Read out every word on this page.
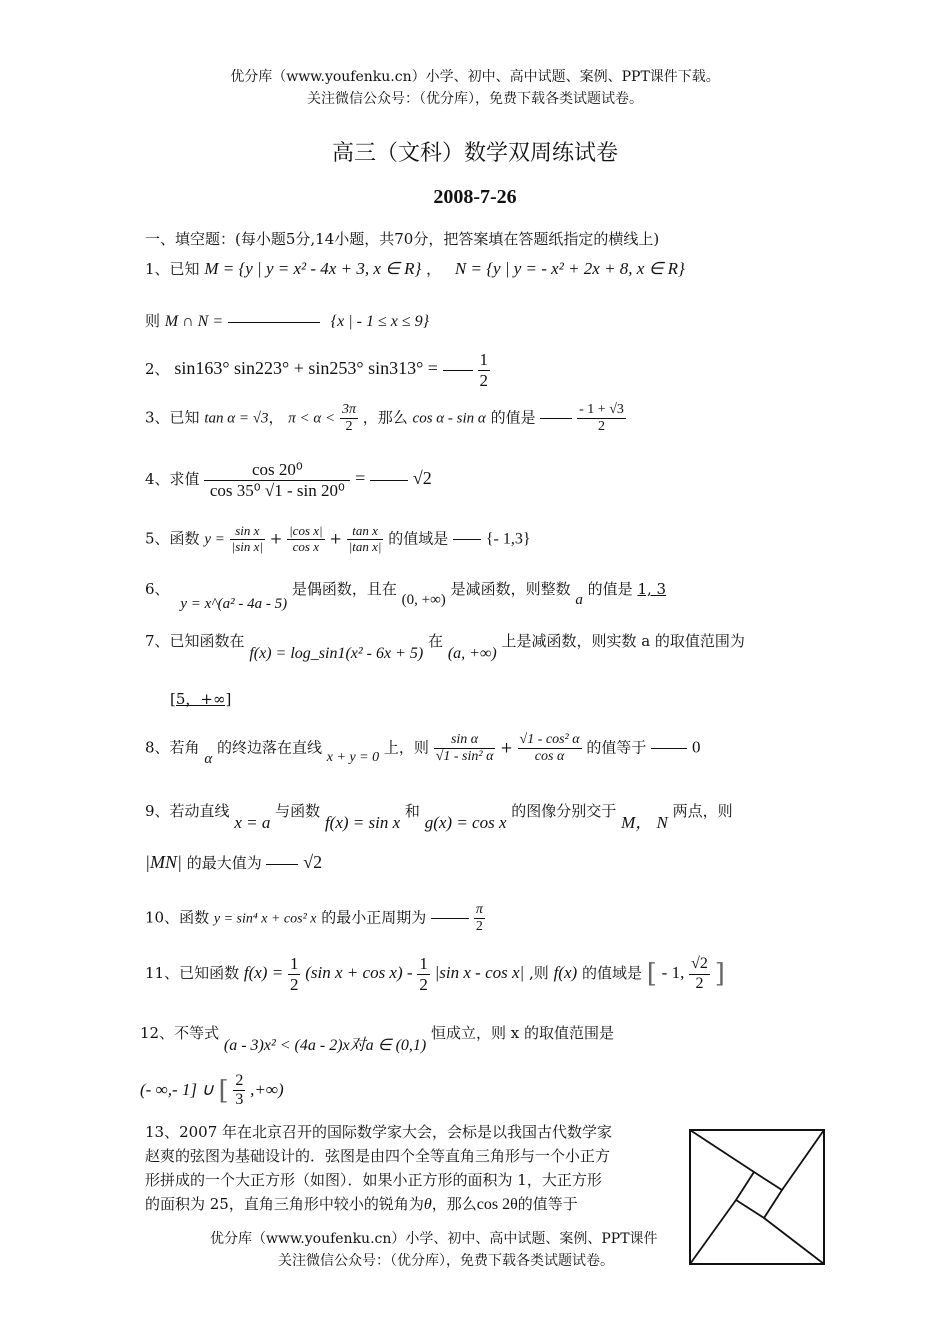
优分库（www.youfenku.cn）小学、初中、高中试题、案例、PPT课件下载。
关注微信公众号：（优分库），免费下载各类试题试卷。
高三（文科）数学双周练试卷
2008-7-26
一、填空题：(每小题5分,14小题，共70分，把答案填在答题纸指定的横线上)
1、已知 M = {y | y = x² - 4x + 3, x ∈ R} ， N = {y | y = - x² + 2x + 8, x ∈ R}
则 M ∩ N =	{x | - 1 ≤ x ≤ 9}
2、 sin163° sin223° + sin253° $\sin 313^\circ = \frac{1}{2}$
3、已知 tan α = √3， $\pi < \alpha < \frac{3\pi}{2}$ ，那么 cos α - sin α 的值是	$\frac{- 1 + √3}{2}$
4、求值 $\frac{\text{cos 20⁰}}{\text{cos 35⁰ √1 - sin 20⁰}}$ =	√2
5、函数 $y = \frac{\text{sin x}}{\text{|sin x|}} + \frac{\text{|cos x|}}{\text{cos x}} + \frac{\text{tan x}}{\text{|tan x|}}$ 的值域是 {- 1,3}
6、 y = x^(a² - 4a - 5) 是偶函数，且在 (0, +∞) 是减函数，则整数 a 的值是 1, 3
7、已知函数在 f(x) = log_sin1(x² - 6x + 5) 在 (a, +∞) 上是减函数，则实数 a 的取值范围为
[5，+∞]
8、若角 α 的终边落在直线 x + y = 0 上，则 $\frac{\text{sin α}}{\text{√1 - sin² α}} + \frac{\text{√1 - cos² α}}{\text{cos α}}$ 的值等于	0
9、若动直线 x = a 与函数 f(x) = sin x 和 g(x) = cos x 的图像分别交于 M， N 两点，则
|MN| 的最大值为 √2
10、函数 y = sin⁴ x + cos² x 的最小正周期为	$\frac{\pi}{2}$
11、已知函数 $f(x) = \frac{1}{2} (\sin$ $x + \cos x) - \frac{1}{2} |\sin$ x - cos x| ,则 f(x) 的值域是 [ - 1, $\frac{√2}{2}$ ]
12、不等式 (a - 3)x² < (4a - 2)x对a ∈ (0,1) 恒成立，则 x 的取值范围是
(- ∞,- 1] ∪ [ $\frac{2}{3}$ ,+∞)
13、2007 年在北京召开的国际数学家大会，会标是以我国古代数学家
赵爽的弦图为基础设计的．弦图是由四个全等直角三角形与一个小正方
形拼成的一个大正方形（如图）．如果小正方形的面积为 1，大正方形
的面积为 25，直角三角形中较小的锐角为θ，那么cos 2θ的值等于
优分库（www.youfenku.cn）小学、初中、高中试题、案例、PPT课件
关注微信公众号：（优分库），免费下载各类试题试卷。
